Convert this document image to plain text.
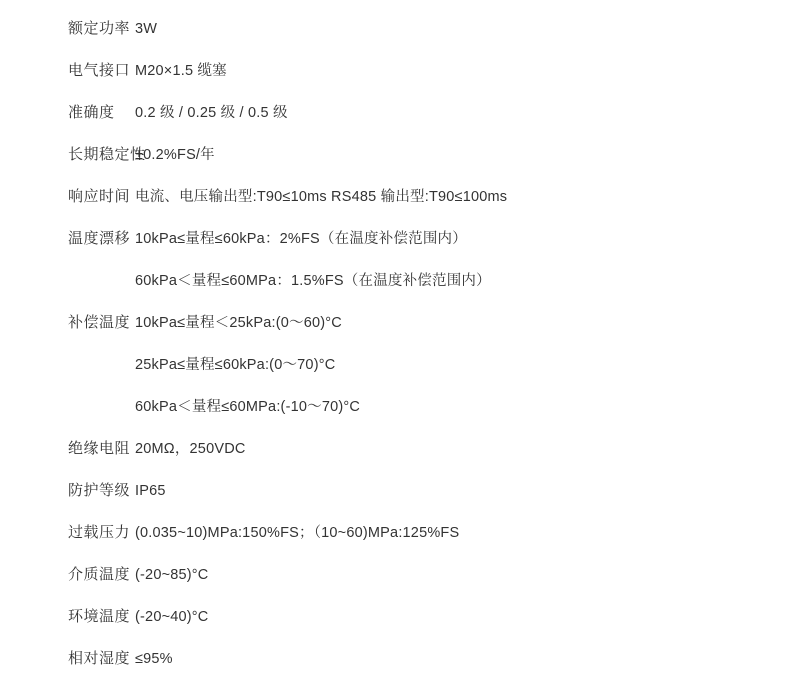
额定功率 3W
电气接口 M20×1.5 缆塞
准确度	0.2 级 / 0.25 级 / 0.5 级
长期稳定性
±0.2%FS/年
响应时间 电流、电压输出型:T90≤10ms RS485 输出型:T90≤100ms
温度漂移 10kPa≤量程≤60kPa：2%FS（在温度补偿范围内）
60kPa＜量程≤60MPa：1.5%FS（在温度补偿范围内）
补偿温度 10kPa≤量程＜25kPa:(0～60)°C
25kPa≤量程≤60kPa:(0～70)°C
60kPa＜量程≤60MPa:(-10～70)°C
绝缘电阻 20MΩ，250VDC
防护等级 IP65
过载压力 (0.035~10)MPa:150%FS；（10~60)MPa:125%FS
介质温度 (-20~85)°C
环境温度 (-20~40)°C
相对湿度 ≤95%
